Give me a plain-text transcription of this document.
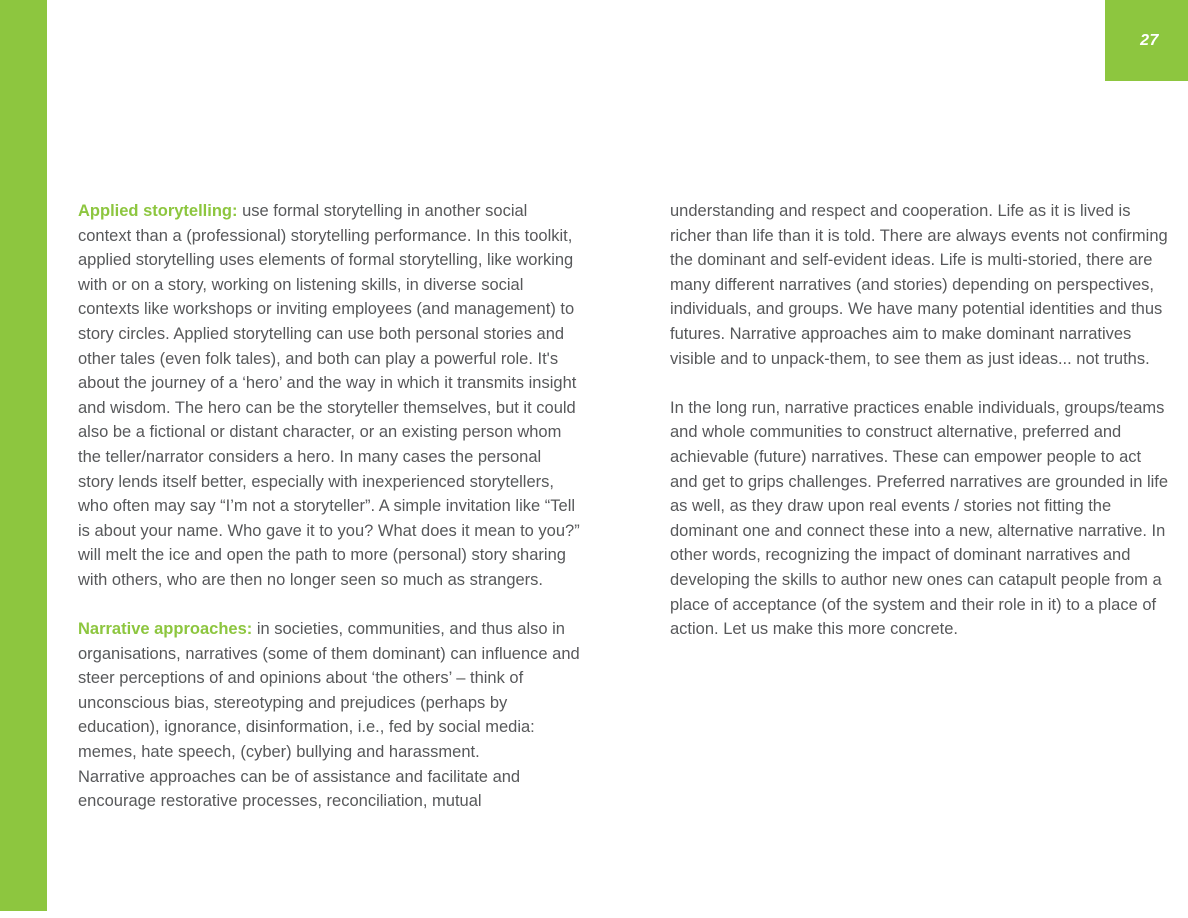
27
Applied storytelling: use formal storytelling in another social
context than a (professional) storytelling performance. In this toolkit,
applied storytelling uses elements of formal storytelling, like working
with or on a story, working on listening skills, in diverse social
contexts like workshops or inviting employees (and management) to
story circles. Applied storytelling can use both personal stories and
other tales (even folk tales), and both can play a powerful role. It's
about the journey of a ‘hero’ and the way in which it transmits insight
and wisdom. The hero can be the storyteller themselves, but it could
also be a fictional or distant character, or an existing person whom
the teller/narrator considers a hero. In many cases the personal
story lends itself better, especially with inexperienced storytellers,
who often may say “I’m not a storyteller”. A simple invitation like “Tell
is about your name. Who gave it to you? What does it mean to you?”
will melt the ice and open the path to more (personal) story sharing
with others, who are then no longer seen so much as strangers.
Narrative approaches: in societies, communities, and thus also in
organisations, narratives (some of them dominant) can influence and
steer perceptions of and opinions about ‘the others’ – think of
unconscious bias, stereotyping and prejudices (perhaps by
education), ignorance, disinformation, i.e., fed by social media:
memes, hate speech, (cyber) bullying and harassment.
Narrative approaches can be of assistance and facilitate and
encourage restorative processes, reconciliation, mutual
understanding and respect and cooperation. Life as it is lived is
richer than life than it is told. There are always events not confirming
the dominant and self-evident ideas. Life is multi-storied, there are
many different narratives (and stories) depending on perspectives,
individuals, and groups. We have many potential identities and thus
futures. Narrative approaches aim to make dominant narratives
visible and to unpack-them, to see them as just ideas... not truths.
In the long run, narrative practices enable individuals, groups/teams
and whole communities to construct alternative, preferred and
achievable (future) narratives. These can empower people to act
and get to grips challenges. Preferred narratives are grounded in life
as well, as they draw upon real events / stories not fitting the
dominant one and connect these into a new, alternative narrative. In
other words, recognizing the impact of dominant narratives and
developing the skills to author new ones can catapult people from a
place of acceptance (of the system and their role in it) to a place of
action. Let us make this more concrete.
